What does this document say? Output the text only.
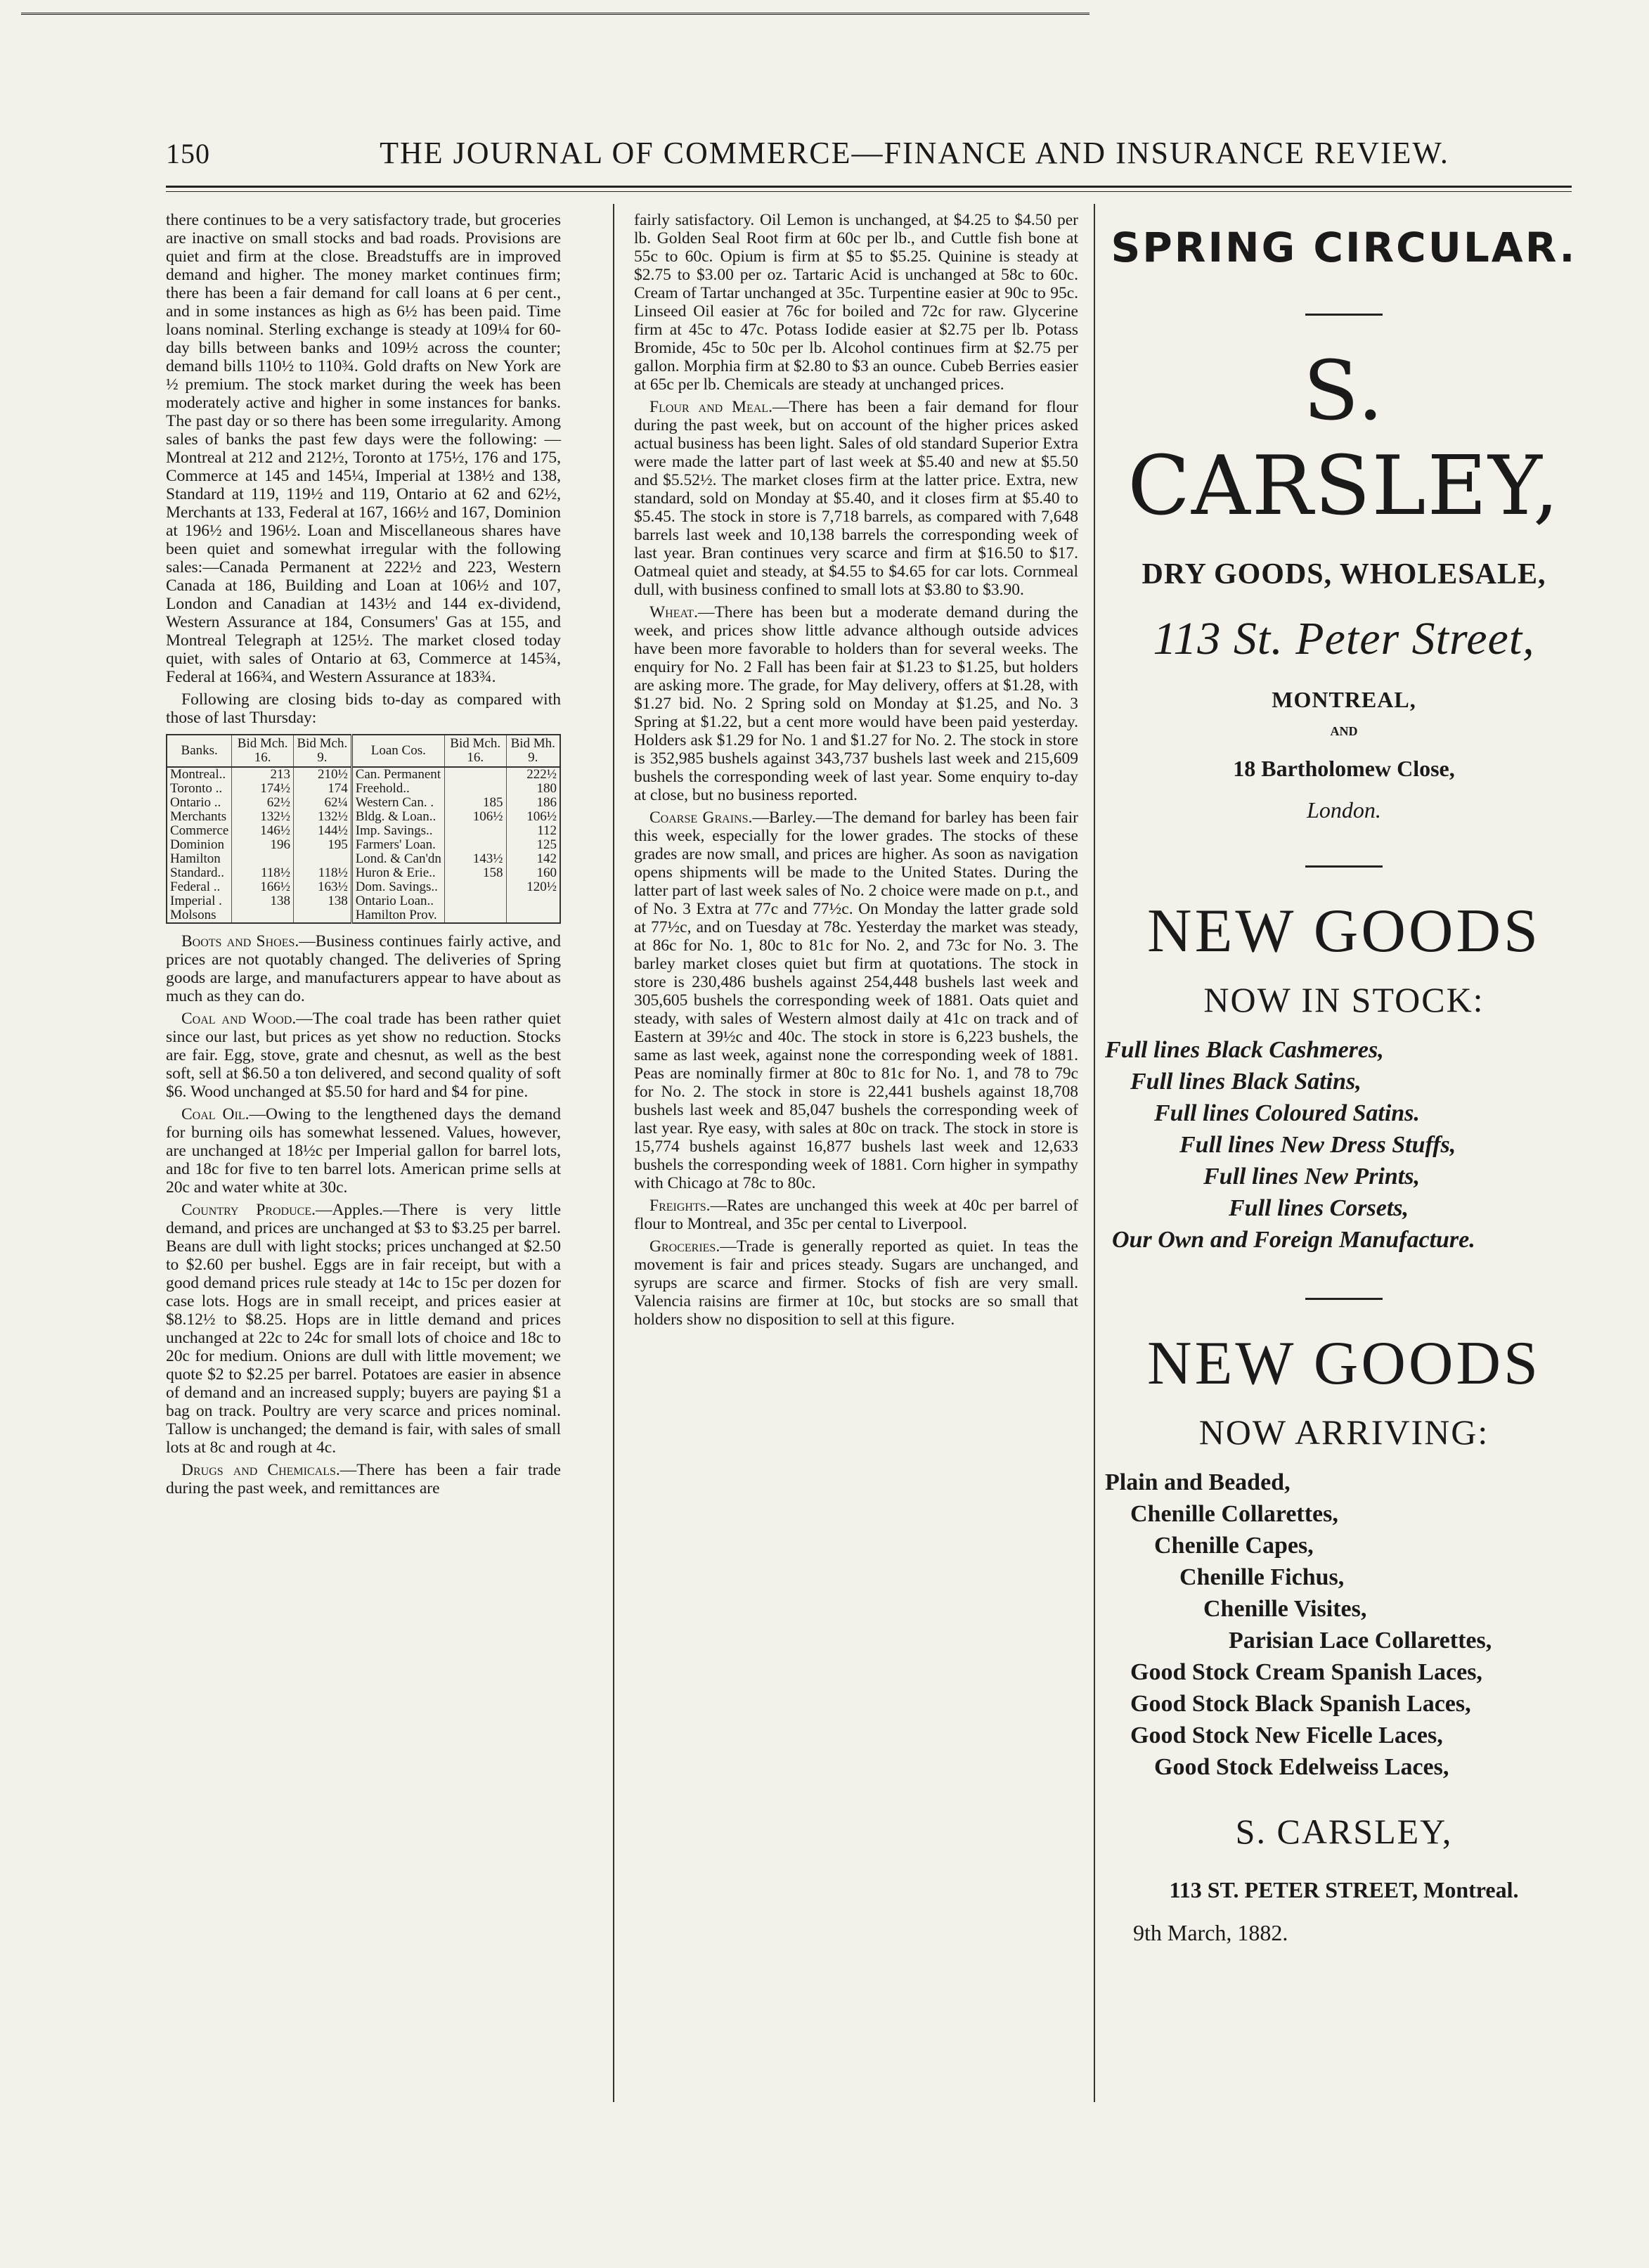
150	THE JOURNAL OF COMMERCE—FINANCE AND INSURANCE REVIEW.

there continues to be a very satisfactory trade, but groceries are inactive on small stocks and bad roads. Provisions are quiet and firm at the close. Breadstuffs are in improved demand and higher. The money market continues firm; there has been a fair demand for call loans at 6 per cent., and in some instances as high as 6½ has been paid. Time loans nominal. Sterling exchange is steady at 109¼ for 60-day bills between banks and 109½ across the counter; demand bills 110½ to 110¾. Gold drafts on New York are ½ premium. The stock market during the week has been moderately active and higher in some instances for banks. The past day or so there has been some irregularity. Among sales of banks the past few days were the following: —Montreal at 212 and 212½, Toronto at 175½, 176 and 175, Commerce at 145 and 145¼, Imperial at 138½ and 138, Standard at 119, 119½ and 119, Ontario at 62 and 62½, Merchants at 133, Federal at 167, 166½ and 167, Dominion at 196½ and 196½. Loan and Miscellaneous shares have been quiet and somewhat irregular with the following sales:—Canada Permanent at 222½ and 223, Western Canada at 186, Building and Loan at 106½ and 107, London and Canadian at 143½ and 144 ex-dividend, Western Assurance at 184, Consumers' Gas at 155, and Montreal Telegraph at 125½. The market closed today quiet, with sales of Ontario at 63, Commerce at 145¾, Federal at 166¾, and Western Assurance at 183¾.

Following are closing bids to-day as compared with those of last Thursday:

Banks.	Bid Mch. 16.	Bid Mch. 9.	Loan Cos.	Bid Mch. 16.	Bid Mh. 9.
Montreal..	213	210½	Can. Permanent		222½
Toronto ..	174½	174	Freehold..		180
Ontario ..	62½	62¼	Western Can. .	185	186
Merchants	132½	132½	Bldg. & Loan..	106½	106½
Commerce	146½	144½	Imp. Savings..		112
Dominion	196	195	Farmers' Loan.		125
Hamilton			Lond. & Can'dn	143½	142
Standard..	118½	118½	Huron & Erie..	158	160
Federal ..	166½	163½	Dom. Savings..		120½
Imperial .	138	138	Ontario Loan..		
Molsons			Hamilton Prov.		

Boots and Shoes.—Business continues fairly active, and prices are not quotably changed. The deliveries of Spring goods are large, and manufacturers appear to have about as much as they can do.

Coal and Wood.—The coal trade has been rather quiet since our last, but prices as yet show no reduction. Stocks are fair. Egg, stove, grate and chesnut, as well as the best soft, sell at $6.50 a ton delivered, and second quality of soft $6. Wood unchanged at $5.50 for hard and $4 for pine.

Coal Oil.—Owing to the lengthened days the demand for burning oils has somewhat lessened. Values, however, are unchanged at 18½c per Imperial gallon for barrel lots, and 18c for five to ten barrel lots. American prime sells at 20c and water white at 30c.

Country Produce.—Apples.—There is very little demand, and prices are unchanged at $3 to $3.25 per barrel. Beans are dull with light stocks; prices unchanged at $2.50 to $2.60 per bushel. Eggs are in fair receipt, but with a good demand prices rule steady at 14c to 15c per dozen for case lots. Hogs are in small receipt, and prices easier at $8.12½ to $8.25. Hops are in little demand and prices unchanged at 22c to 24c for small lots of choice and 18c to 20c for medium. Onions are dull with little movement; we quote $2 to $2.25 per barrel. Potatoes are easier in absence of demand and an increased supply; buyers are paying $1 a bag on track. Poultry are very scarce and prices nominal. Tallow is unchanged; the demand is fair, with sales of small lots at 8c and rough at 4c.

Drugs and Chemicals.—There has been a fair trade during the past week, and remittances are

fairly satisfactory. Oil Lemon is unchanged, at $4.25 to $4.50 per lb. Golden Seal Root firm at 60c per lb., and Cuttle fish bone at 55c to 60c. Opium is firm at $5 to $5.25. Quinine is steady at $2.75 to $3.00 per oz. Tartaric Acid is unchanged at 58c to 60c. Cream of Tartar unchanged at 35c. Turpentine easier at 90c to 95c. Linseed Oil easier at 76c for boiled and 72c for raw. Glycerine firm at 45c to 47c. Potass Iodide easier at $2.75 per lb. Potass Bromide, 45c to 50c per lb. Alcohol continues firm at $2.75 per gallon. Morphia firm at $2.80 to $3 an ounce. Cubeb Berries easier at 65c per lb. Chemicals are steady at unchanged prices.

Flour and Meal.—There has been a fair demand for flour during the past week, but on account of the higher prices asked actual business has been light. Sales of old standard Superior Extra were made the latter part of last week at $5.40 and new at $5.50 and $5.52½. The market closes firm at the latter price. Extra, new standard, sold on Monday at $5.40, and it closes firm at $5.40 to $5.45. The stock in store is 7,718 barrels, as compared with 7,648 barrels last week and 10,138 barrels the corresponding week of last year. Bran continues very scarce and firm at $16.50 to $17. Oatmeal quiet and steady, at $4.55 to $4.65 for car lots. Cornmeal dull, with business confined to small lots at $3.80 to $3.90.

Wheat.—There has been but a moderate demand during the week, and prices show little advance although outside advices have been more favorable to holders than for several weeks. The enquiry for No. 2 Fall has been fair at $1.23 to $1.25, but holders are asking more. The grade, for May delivery, offers at $1.28, with $1.27 bid. No. 2 Spring sold on Monday at $1.25, and No. 3 Spring at $1.22, but a cent more would have been paid yesterday. Holders ask $1.29 for No. 1 and $1.27 for No. 2. The stock in store is 352,985 bushels against 343,737 bushels last week and 215,609 bushels the corresponding week of last year. Some enquiry to-day at close, but no business reported.

Coarse Grains.—Barley.—The demand for barley has been fair this week, especially for the lower grades. The stocks of these grades are now small, and prices are higher. As soon as navigation opens shipments will be made to the United States. During the latter part of last week sales of No. 2 choice were made on p.t., and of No. 3 Extra at 77c and 77½c. On Monday the latter grade sold at 77½c, and on Tuesday at 78c. Yesterday the market was steady, at 86c for No. 1, 80c to 81c for No. 2, and 73c for No. 3. The barley market closes quiet but firm at quotations. The stock in store is 230,486 bushels against 254,448 bushels last week and 305,605 bushels the corresponding week of 1881. Oats quiet and steady, with sales of Western almost daily at 41c on track and of Eastern at 39½c and 40c. The stock in store is 6,223 bushels, the same as last week, against none the corresponding week of 1881. Peas are nominally firmer at 80c to 81c for No. 1, and 78 to 79c for No. 2. The stock in store is 22,441 bushels against 18,708 bushels last week and 85,047 bushels the corresponding week of last year. Rye easy, with sales at 80c on track. The stock in store is 15,774 bushels against 16,877 bushels last week and 12,633 bushels the corresponding week of 1881. Corn higher in sympathy with Chicago at 78c to 80c.

Freights.—Rates are unchanged this week at 40c per barrel of flour to Montreal, and 35c per cental to Liverpool.

Groceries.—Trade is generally reported as quiet. In teas the movement is fair and prices steady. Sugars are unchanged, and syrups are scarce and firmer. Stocks of fish are very small. Valencia raisins are firmer at 10c, but stocks are so small that holders show no disposition to sell at this figure.

SPRING CIRCULAR.
S. CARSLEY,
DRY GOODS, WHOLESALE,
113 St. Peter Street,
MONTREAL,
AND
18 Bartholomew Close,
London.
NEW GOODS
NOW IN STOCK:
Full lines Black Cashmeres,
Full lines Black Satins,
Full lines Coloured Satins.
Full lines New Dress Stuffs,
Full lines New Prints,
Full lines Corsets,
Our Own and Foreign Manufacture.
NEW GOODS
NOW ARRIVING:
Plain and Beaded,
Chenille Collarettes,
Chenille Capes,
Chenille Fichus,
Chenille Visites,
Parisian Lace Collarettes,
Good Stock Cream Spanish Laces,
Good Stock Black Spanish Laces,
Good Stock New Ficelle Laces,
Good Stock Edelweiss Laces,
S. CARSLEY,
113 ST. PETER STREET, Montreal.
9th March, 1882.
